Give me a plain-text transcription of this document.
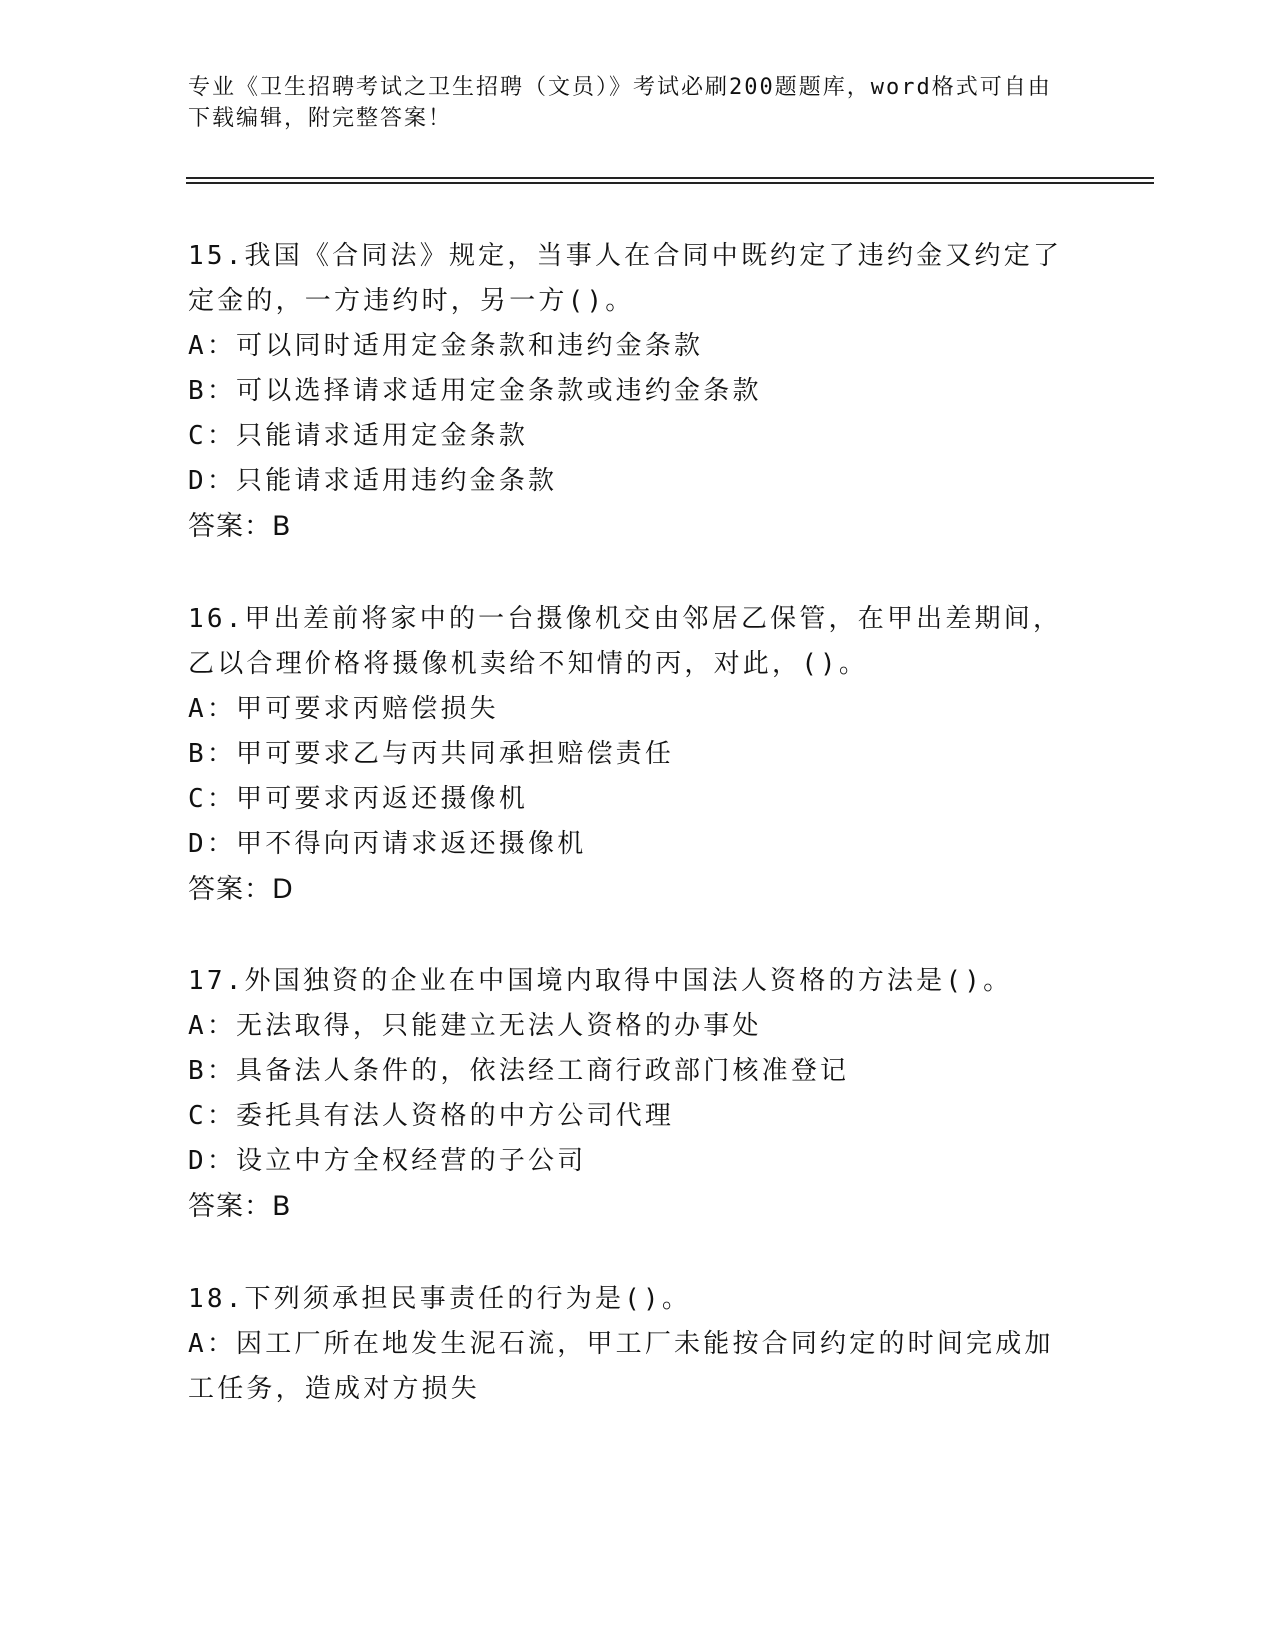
专业《卫生招聘考试之卫生招聘（文员）》考试必刷200题题库，word格式可自由下载编辑，附完整答案！

15.我国《合同法》规定，当事人在合同中既约定了违约金又约定了定金的，一方违约时，另一方()。

A：可以同时适用定金条款和违约金条款

B：可以选择请求适用定金条款或违约金条款

C：只能请求适用定金条款

D：只能请求适用违约金条款

答案：B

16.甲出差前将家中的一台摄像机交由邻居乙保管，在甲出差期间，乙以合理价格将摄像机卖给不知情的丙，对此，()。

A：甲可要求丙赔偿损失

B：甲可要求乙与丙共同承担赔偿责任

C：甲可要求丙返还摄像机

D：甲不得向丙请求返还摄像机

答案：D

17.外国独资的企业在中国境内取得中国法人资格的方法是()。

A：无法取得，只能建立无法人资格的办事处

B：具备法人条件的，依法经工商行政部门核准登记

C：委托具有法人资格的中方公司代理

D：设立中方全权经营的子公司

答案：B

18.下列须承担民事责任的行为是()。

A：因工厂所在地发生泥石流，甲工厂未能按合同约定的时间完成加工任务，造成对方损失
